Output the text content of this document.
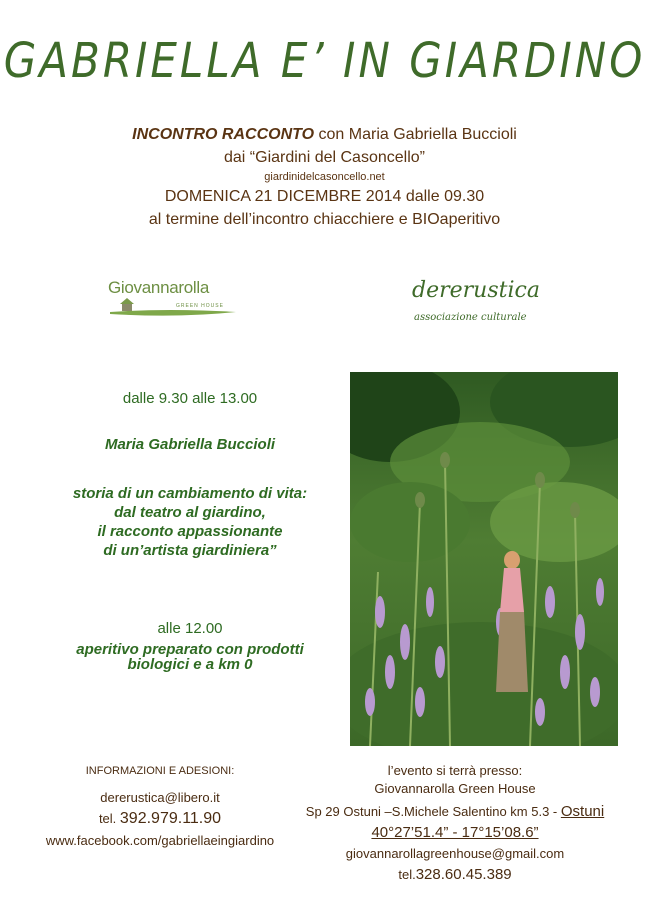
GABRIELLA E’ IN GIARDINO
INCONTRO RACCONTO con Maria Gabriella Buccioli
dai “Giardini del Casoncello”
giardinidelcasoncello.net
DOMENICA 21 DICEMBRE 2014 dalle 09.30
al termine dell’incontro chiacchiere e BIOaperitivo
Giovannarolla
GREEN HOUSE
dererustica
associazione culturale
dalle 9.30 alle 13.00
Maria Gabriella Buccioli
storia di un cambiamento di vita:
dal teatro al giardino,
il racconto appassionante
di un’artista giardiniera”
alle 12.00
aperitivo preparato con prodotti
biologici e a km 0
INFORMAZIONI E ADESIONI:
dererustica@libero.it
tel. 392.979.11.90
www.facebook.com/gabriellaeingiardino
l’evento si terrà presso:
Giovannarolla Green House
Sp 29 Ostuni –S.Michele Salentino km 5.3 - Ostuni
40°27’51.4” - 17°15’08.6”
giovannarollagreenhouse@gmail.com
tel.328.60.45.389
